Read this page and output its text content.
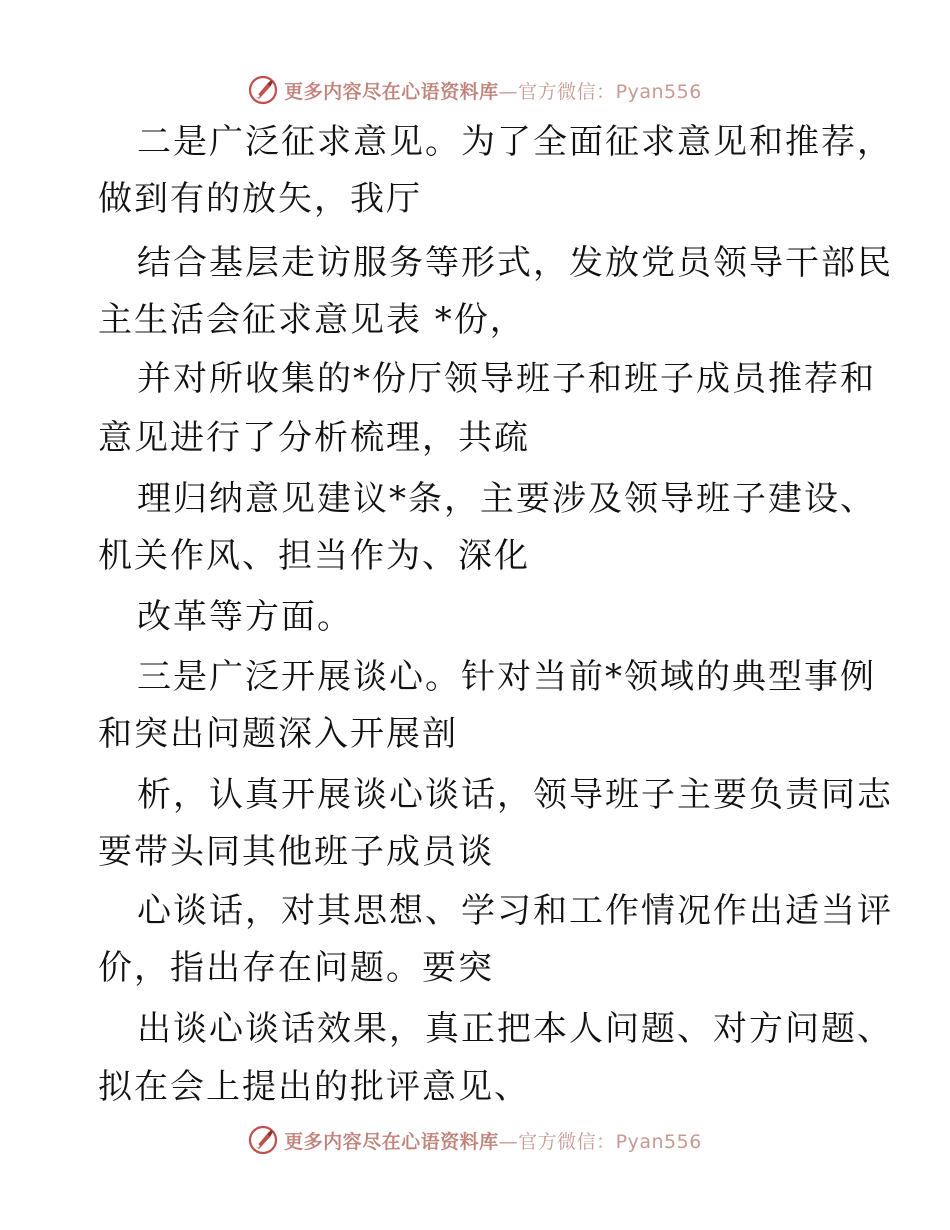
更多内容尽在心语资料库—官方微信：Pyan556
二是广泛征求意见。为了全面征求意见和推荐，
做到有的放矢，我厅
结合基层走访服务等形式，发放党员领导干部民
主生活会征求意见表 *份，
并对所收集的*份厅领导班子和班子成员推荐和
意见进行了分析梳理，共疏
理归纳意见建议*条，主要涉及领导班子建设、
机关作风、担当作为、深化
改革等方面。
三是广泛开展谈心。针对当前*领域的典型事例
和突出问题深入开展剖
析，认真开展谈心谈话，领导班子主要负责同志
要带头同其他班子成员谈
心谈话，对其思想、学习和工作情况作出适当评
价，指出存在问题。要突
出谈心谈话效果，真正把本人问题、对方问题、
拟在会上提出的批评意见、
更多内容尽在心语资料库—官方微信：Pyan556
